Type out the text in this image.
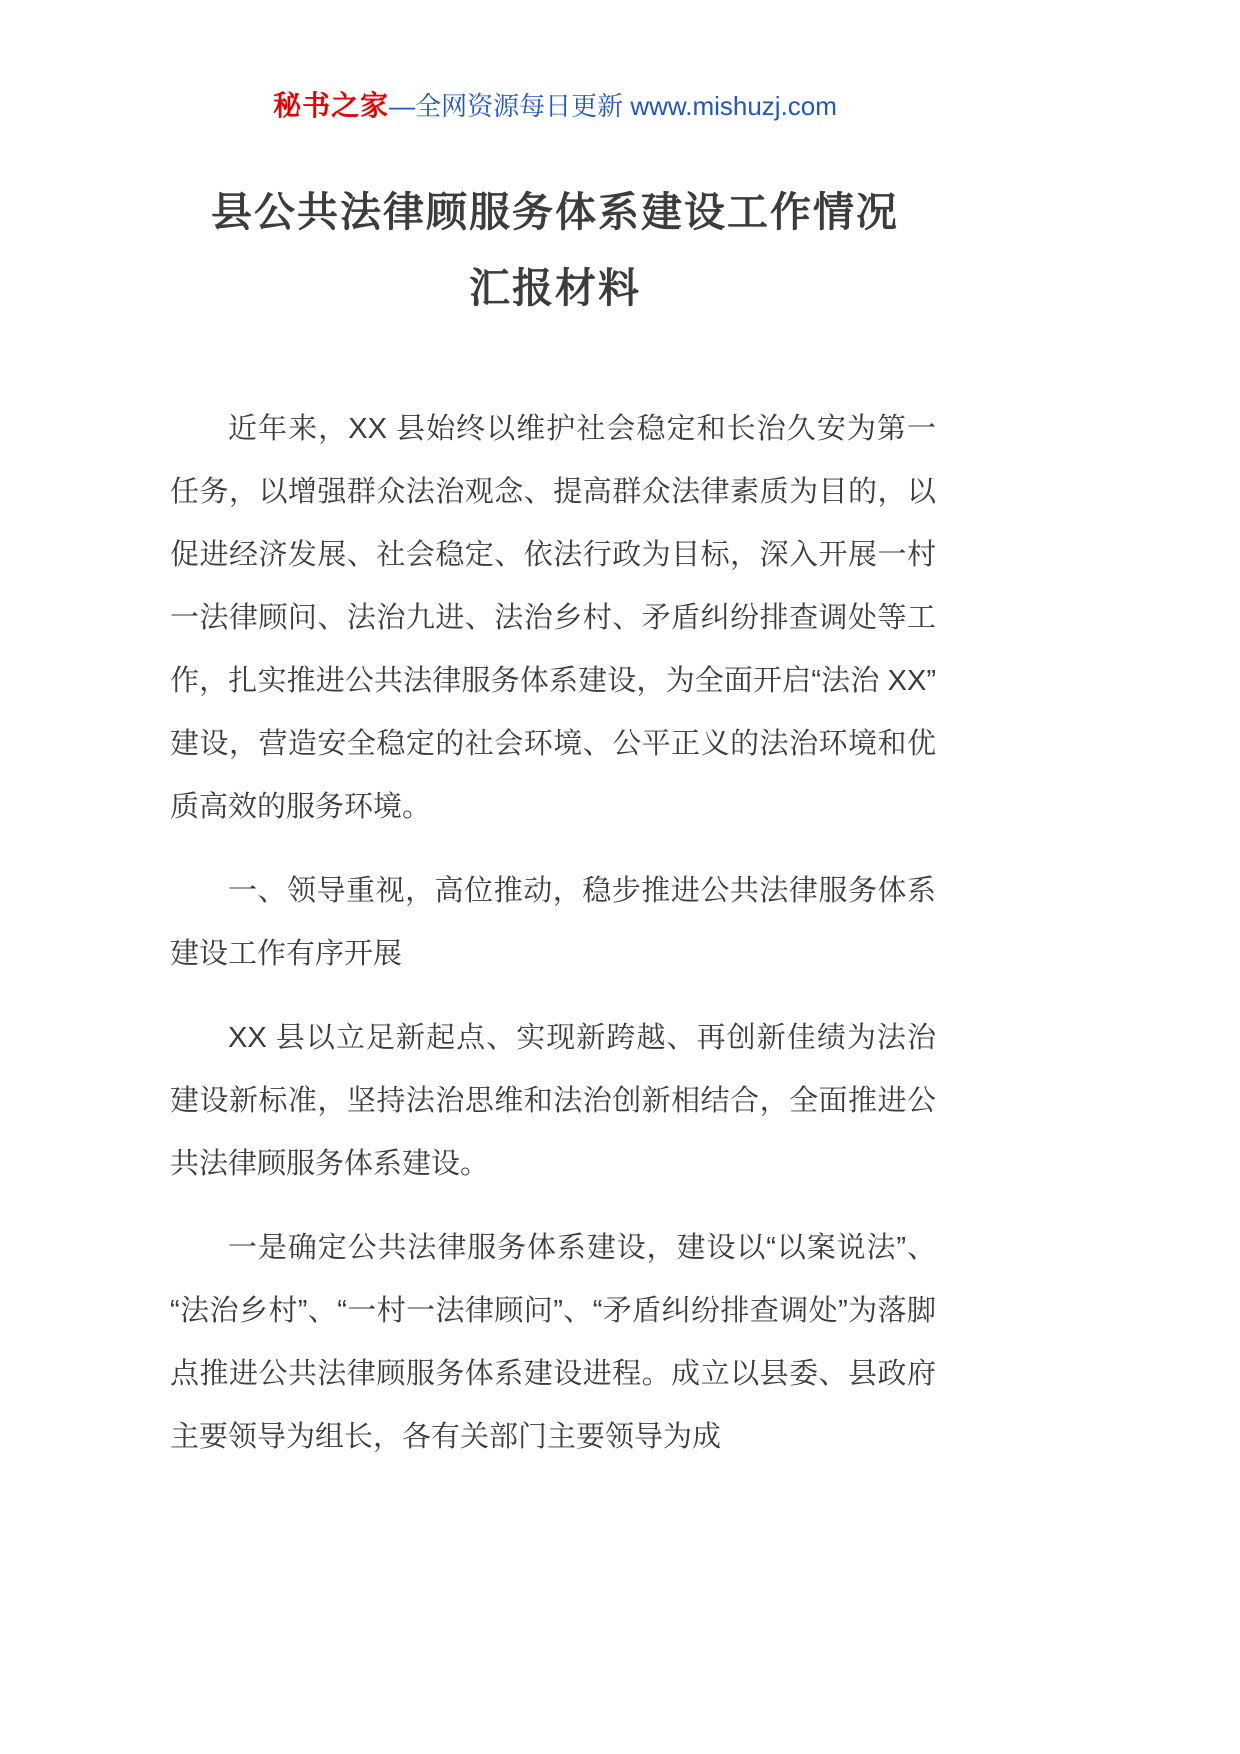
秘书之家—全网资源每日更新 www.mishuzj.com
县公共法律顾服务体系建设工作情况
汇报材料

近年来，XX 县始终以维护社会稳定和长治久安为第一任务，以增强群众法治观念、提高群众法律素质为目的，以促进经济发展、社会稳定、依法行政为目标，深入开展一村一法律顾问、法治九进、法治乡村、矛盾纠纷排查调处等工作，扎实推进公共法律服务体系建设，为全面开启“法治 XX”建设，营造安全稳定的社会环境、公平正义的法治环境和优质高效的服务环境。

一、领导重视，高位推动，稳步推进公共法律服务体系建设工作有序开展

XX 县以立足新起点、实现新跨越、再创新佳绩为法治建设新标准，坚持法治思维和法治创新相结合，全面推进公共法律顾服务体系建设。

一是确定公共法律服务体系建设，建设以“以案说法”、“法治乡村”、“一村一法律顾问”、“矛盾纠纷排查调处”为落脚点推进公共法律顾服务体系建设进程。成立以县委、县政府主要领导为组长，各有关部门主要领导为成
